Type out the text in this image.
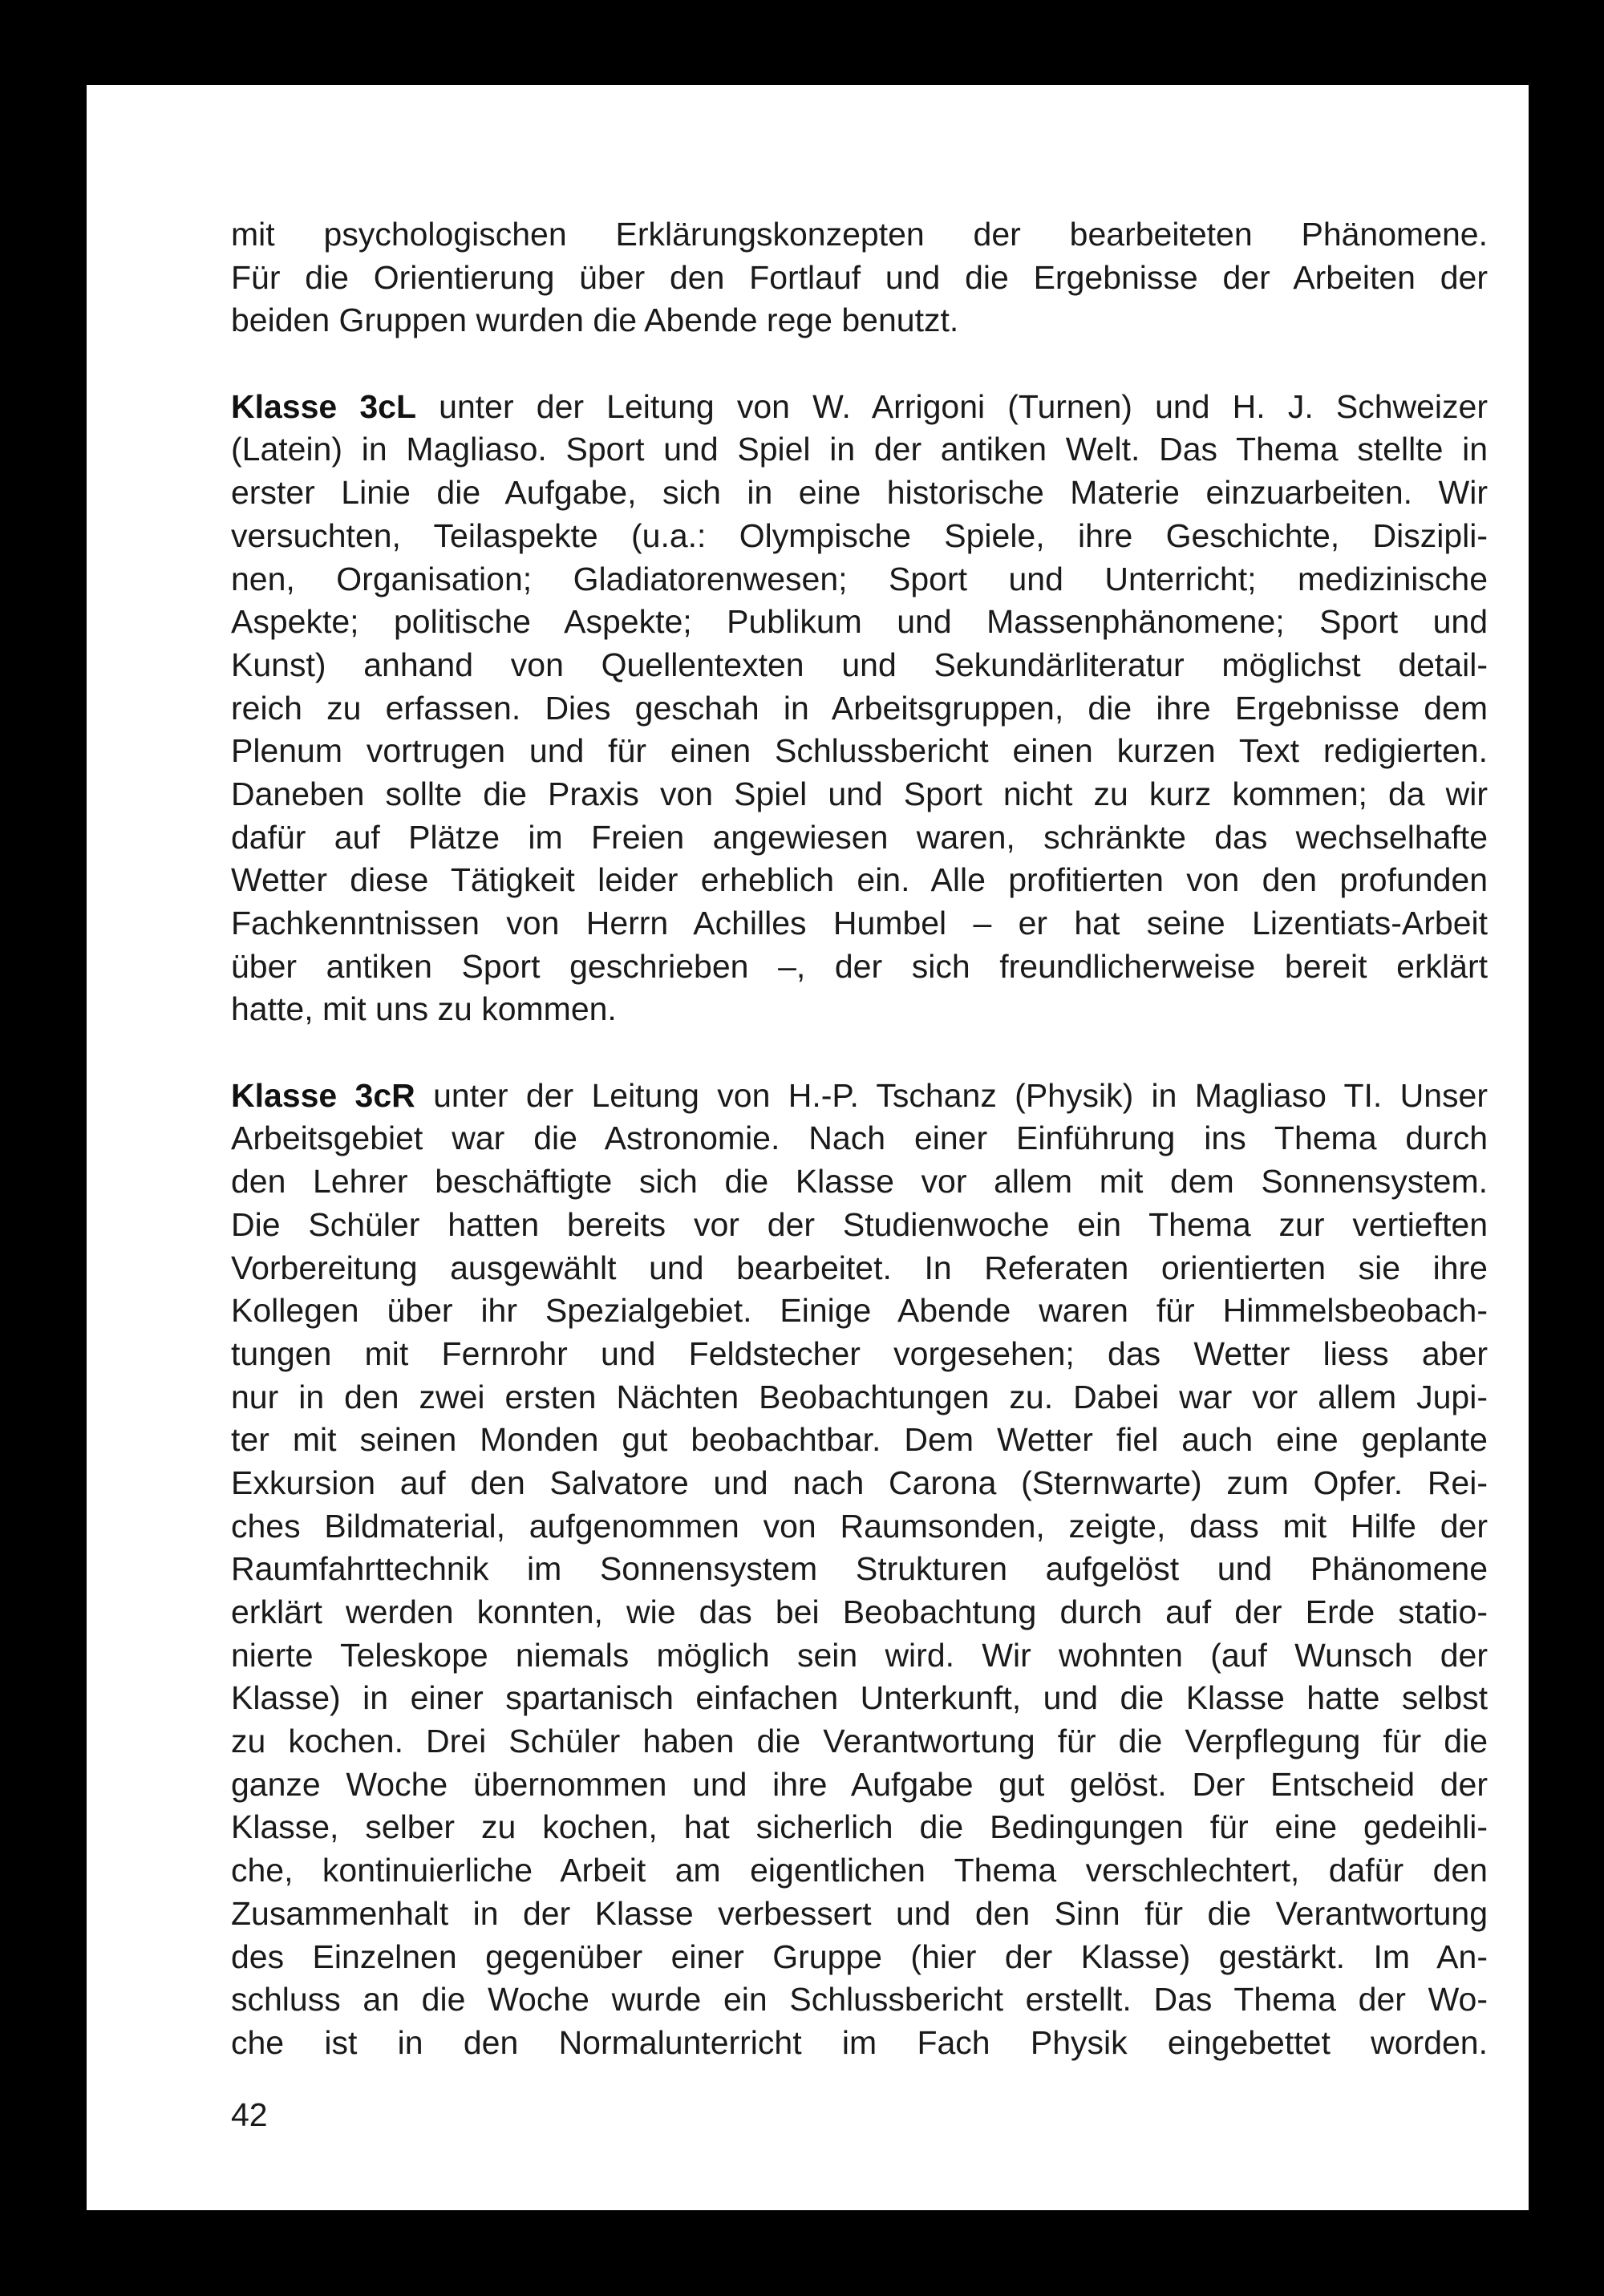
mit psychologischen Erklärungskonzepten der bearbeiteten Phänomene.
Für die Orientierung über den Fortlauf und die Ergebnisse der Arbeiten der
beiden Gruppen wurden die Abende rege benutzt.
Klasse 3cL unter der Leitung von W. Arrigoni (Turnen) und H. J. Schweizer
(Latein) in Magliaso. Sport und Spiel in der antiken Welt. Das Thema stellte in
erster Linie die Aufgabe, sich in eine historische Materie einzuarbeiten. Wir
versuchten, Teilaspekte (u.a.: Olympische Spiele, ihre Geschichte, Diszipli-
nen, Organisation; Gladiatorenwesen; Sport und Unterricht; medizinische
Aspekte; politische Aspekte; Publikum und Massenphänomene; Sport und
Kunst) anhand von Quellentexten und Sekundärliteratur möglichst detail-
reich zu erfassen. Dies geschah in Arbeitsgruppen, die ihre Ergebnisse dem
Plenum vortrugen und für einen Schlussbericht einen kurzen Text redigierten.
Daneben sollte die Praxis von Spiel und Sport nicht zu kurz kommen; da wir
dafür auf Plätze im Freien angewiesen waren, schränkte das wechselhafte
Wetter diese Tätigkeit leider erheblich ein. Alle profitierten von den profunden
Fachkenntnissen von Herrn Achilles Humbel – er hat seine Lizentiats-Arbeit
über antiken Sport geschrieben –, der sich freundlicherweise bereit erklärt
hatte, mit uns zu kommen.
Klasse 3cR unter der Leitung von H.-P. Tschanz (Physik) in Magliaso TI. Unser
Arbeitsgebiet war die Astronomie. Nach einer Einführung ins Thema durch
den Lehrer beschäftigte sich die Klasse vor allem mit dem Sonnensystem.
Die Schüler hatten bereits vor der Studienwoche ein Thema zur vertieften
Vorbereitung ausgewählt und bearbeitet. In Referaten orientierten sie ihre
Kollegen über ihr Spezialgebiet. Einige Abende waren für Himmelsbeobach-
tungen mit Fernrohr und Feldstecher vorgesehen; das Wetter liess aber
nur in den zwei ersten Nächten Beobachtungen zu. Dabei war vor allem Jupi-
ter mit seinen Monden gut beobachtbar. Dem Wetter fiel auch eine geplante
Exkursion auf den Salvatore und nach Carona (Sternwarte) zum Opfer. Rei-
ches Bildmaterial, aufgenommen von Raumsonden, zeigte, dass mit Hilfe der
Raumfahrttechnik im Sonnensystem Strukturen aufgelöst und Phänomene
erklärt werden konnten, wie das bei Beobachtung durch auf der Erde statio-
nierte Teleskope niemals möglich sein wird. Wir wohnten (auf Wunsch der
Klasse) in einer spartanisch einfachen Unterkunft, und die Klasse hatte selbst
zu kochen. Drei Schüler haben die Verantwortung für die Verpflegung für die
ganze Woche übernommen und ihre Aufgabe gut gelöst. Der Entscheid der
Klasse, selber zu kochen, hat sicherlich die Bedingungen für eine gedeihli-
che, kontinuierliche Arbeit am eigentlichen Thema verschlechtert, dafür den
Zusammenhalt in der Klasse verbessert und den Sinn für die Verantwortung
des Einzelnen gegenüber einer Gruppe (hier der Klasse) gestärkt. Im An-
schluss an die Woche wurde ein Schlussbericht erstellt. Das Thema der Wo-
che ist in den Normalunterricht im Fach Physik eingebettet worden.
42
